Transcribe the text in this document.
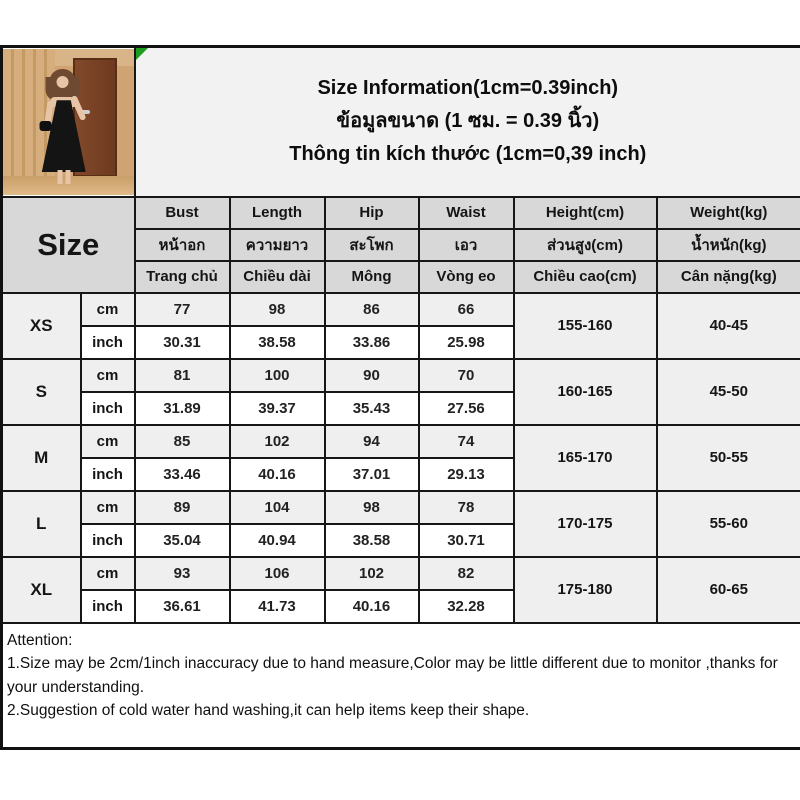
		Size Information(1cm=0.39inch)
ข้อมูลขนาด (1 ซม. = 0.39 นิ้ว)
Thông tin kích thước (1cm=0,39 inch)					

Size		Bust	Length	Hip	Waist	Height(cm)	Weight(kg)
		หน้าอก	ความยาว	สะโพก	เอว	ส่วนสูง(cm)	น้ำหนัก(kg)
		Trang chủ	Chiều dài	Mông	Vòng eo	Chiều cao(cm)	Cân nặng(kg)
XS	cm	77	98	86	66	155-160	40-45
	inch	30.31	38.58	33.86	25.98		
S	cm	81	100	90	70	160-165	45-50
	inch	31.89	39.37	35.43	27.56		
M	cm	85	102	94	74	165-170	50-55
	inch	33.46	40.16	37.01	29.13		
L	cm	89	104	98	78	170-175	55-60
	inch	35.04	40.94	38.58	30.71		
XL	cm	93	106	102	82	175-180	60-65
	inch	36.61	41.73	40.16	32.28		

Attention:
1.Size may be 2cm/1inch inaccuracy due to hand measure,Color may be little different due to monitor ,thanks for your understanding.
2.Suggestion of cold water hand washing,it can help items keep their shape.							
